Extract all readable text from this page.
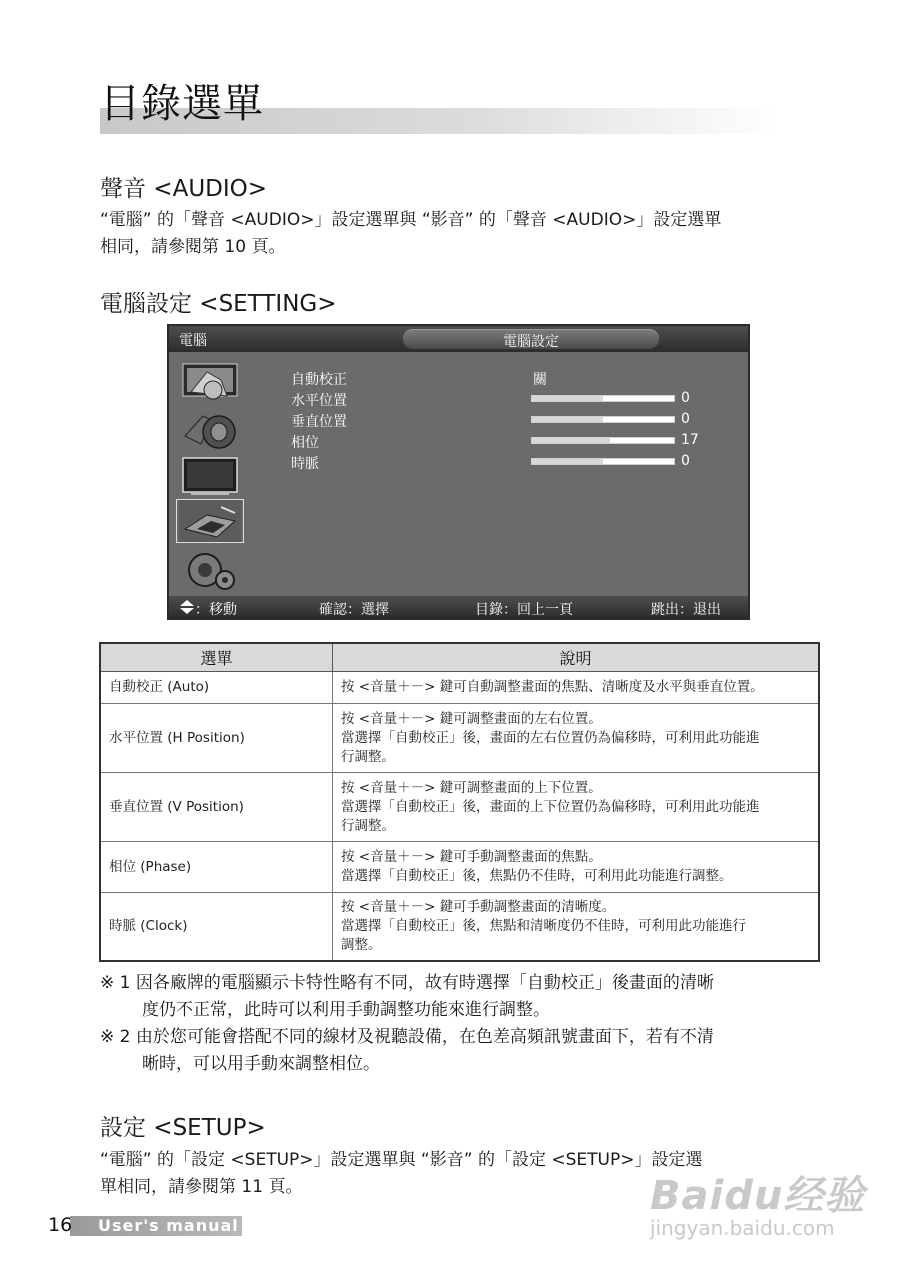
目錄選單
聲音 <AUDIO>
“電腦” 的「聲音 <AUDIO>」設定選單與 “影音” 的「聲音 <AUDIO>」設定選單
相同，請參閱第 10 頁。
電腦設定 <SETTING>
電腦	電腦設定
自動校正	關
水平位置	0
垂直位置	0
相位	17
時脈	0
：移動	確認：選擇	目錄：回上一頁	跳出：退出
選單	說明
自動校正 (Auto)	按 <音量＋－> 鍵可自動調整畫面的焦點、清晰度及水平與垂直位置。

水平位置 (H Position)	按 <音量＋－> 鍵可調整畫面的左右位置。
當選擇「自動校正」後，畫面的左右位置仍為偏移時，可利用此功能進
行調整。

垂直位置 (V Position)	按 <音量＋－> 鍵可調整畫面的上下位置。
當選擇「自動校正」後，畫面的上下位置仍為偏移時，可利用此功能進
行調整。

相位 (Phase)	按 <音量＋－> 鍵可手動調整畫面的焦點。
當選擇「自動校正」後，焦點仍不佳時，可利用此功能進行調整。

時脈 (Clock)	按 <音量＋－> 鍵可手動調整畫面的清晰度。
當選擇「自動校正」後，焦點和清晰度仍不佳時，可利用此功能進行
調整。
※ 1 因各廠牌的電腦顯示卡特性略有不同，故有時選擇「自動校正」後畫面的清晰
度仍不正常，此時可以利用手動調整功能來進行調整。
※ 2 由於您可能會搭配不同的線材及視聽設備，在色差高頻訊號畫面下，若有不清
晰時，可以用手動來調整相位。
設定 <SETUP>
“電腦” 的「設定 <SETUP>」設定選單與 “影音” 的「設定 <SETUP>」設定選
單相同，請參閱第 11 頁。	Baidu经验
jingyan.baidu.com
User's manual
16
